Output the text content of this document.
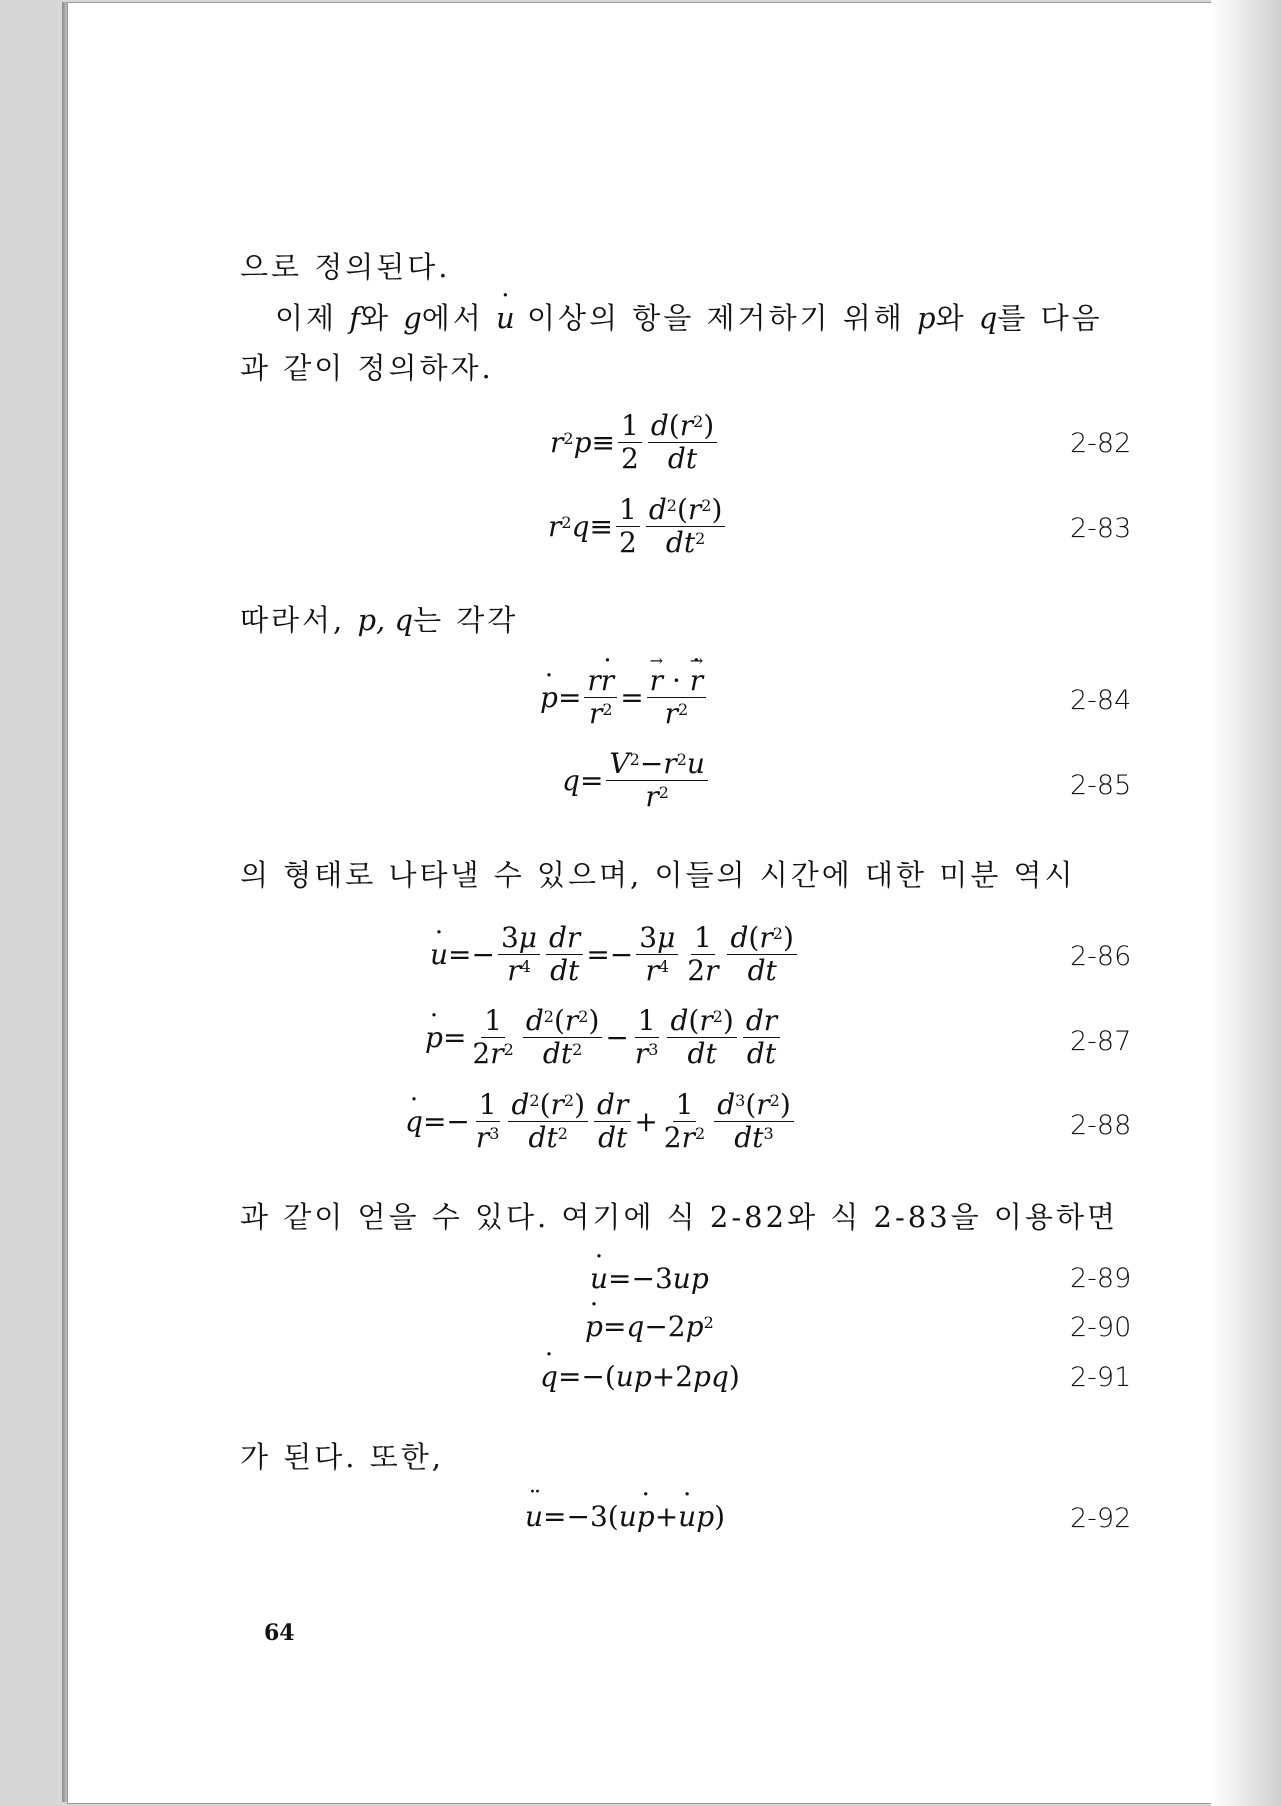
으로 정의된다.
이제 f와 g에서 u · 이상의 항을 제거하기 위해 p와 q를 다음
과 같이 정의하자.
$r^2$ $p \equiv \frac{1}{2} \frac{d(r^2)}{dt}$	2-82
$r^2$ $q \equiv \frac{1}{2} \frac{d^2(r^2)}{dt^2}$	2-83
따라서, p, q는 각각
p · = $\frac{rr \cdot}{r^2}$ =
→ $\frac{r \cdot \to r \cdot}{r^2}$	2-84
$q = \frac{V^2-r^2u}{r^2}$	2-85
의 형태로 나타낼 수 있으며, 이들의 시간에 대한 미분 역시
u · =− $\frac{3\mu}{r^4} \frac{dr}{dt} =- \frac{3\mu}{r^4} \frac{1}{2r} \frac{d(r^2)}{dt}$	2-86
p · = $\frac{1}{2r^2} \frac{d^2(r^2)}{dt^2} - \frac{1}{r^3} \frac{d(r^2)}{dt} \frac{dr}{dt}$	2-87
q · =− $\frac{1}{r^3} \frac{d^2(r^2)}{dt^2} \frac{dr}{dt} + \frac{1}{2r^2} \frac{d^3(r^2)}{dt^3}$	2-88
과 같이 얻을 수 있다. 여기에 식 2-82와 식 2-83을 이용하면
u · =−3 up	2-89
p · = q −2 $p^2$	2-90
q · =−( up +2 pq )	2-91
가 된다. 또한,
u ·· =−3( u p · + u · p )	2-92
64
